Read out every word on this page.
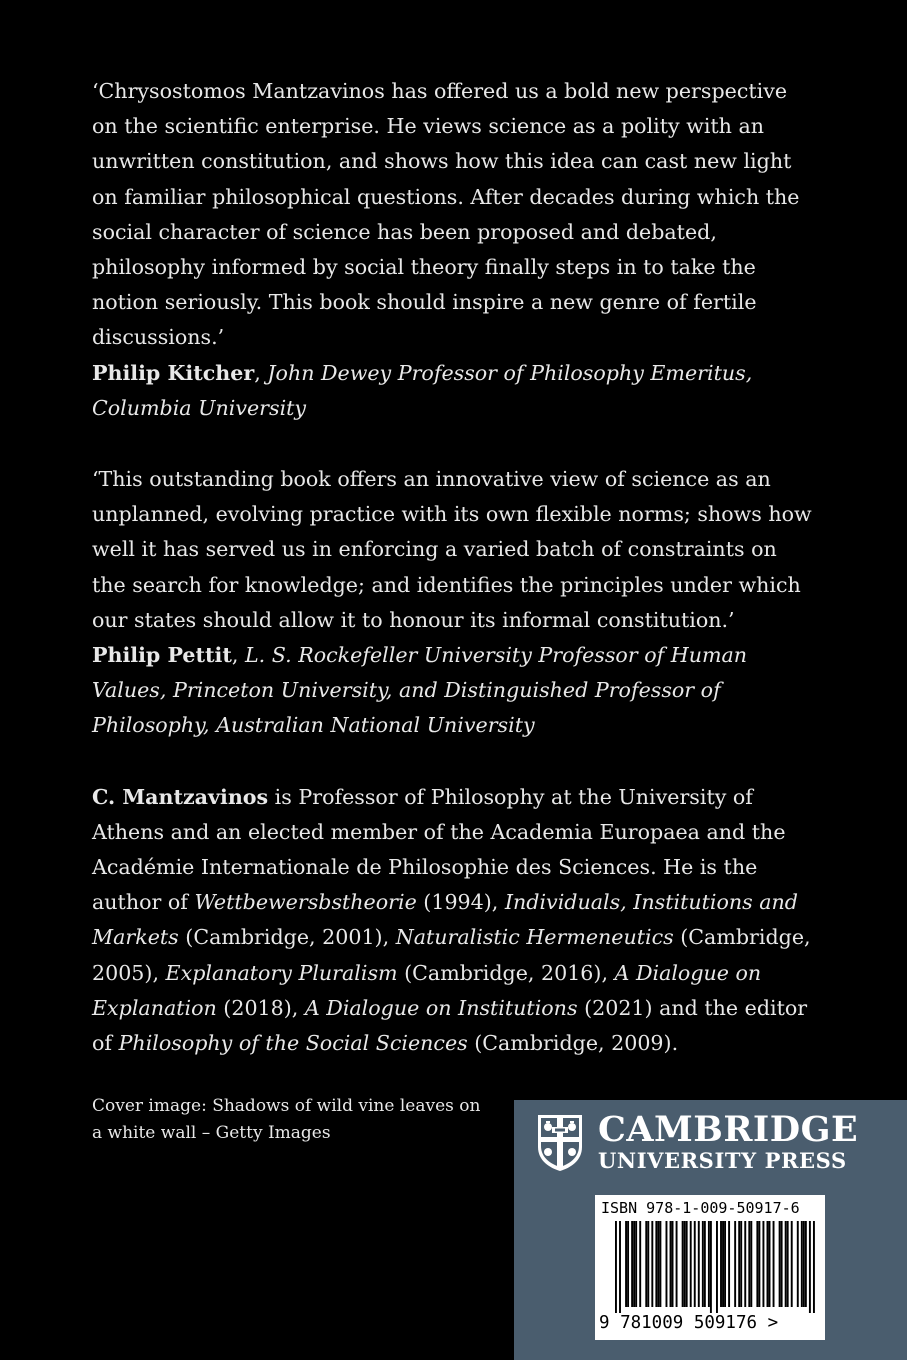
‘Chrysostomos Mantzavinos has offered us a bold new perspective on the scientific enterprise. He views science as a polity with an unwritten constitution, and shows how this idea can cast new light on familiar philosophical questions. After decades during which the social character of science has been proposed and debated, philosophy informed by social theory finally steps in to take the notion seriously. This book should inspire a new genre of fertile discussions.’

Philip Kitcher, John Dewey Professor of Philosophy Emeritus, Columbia University

‘This outstanding book offers an innovative view of science as an unplanned, evolving practice with its own flexible norms; shows how well it has served us in enforcing a varied batch of constraints on the search for knowledge; and identifies the principles under which our states should allow it to honour its informal constitution.’

Philip Pettit, L. S. Rockefeller University Professor of Human Values, Princeton University, and Distinguished Professor of Philosophy, Australian National University

C. Mantzavinos is Professor of Philosophy at the University of Athens and an elected member of the Academia Europaea and the Académie Internationale de Philosophie des Sciences. He is the author of Wettbewersbstheorie (1994), Individuals, Institutions and Markets (Cambridge, 2001), Naturalistic Hermeneutics (Cambridge, 2005), Explanatory Pluralism (Cambridge, 2016), A Dialogue on Explanation (2018), A Dialogue on Institutions (2021) and the editor of Philosophy of the Social Sciences (Cambridge, 2009).

Cover image: Shadows of wild vine leaves on a white wall – Getty Images	CAMBRIDGE
UNIVERSITY PRESS
ISBN 978-1-009-50917-6
9 781009 509176 >
